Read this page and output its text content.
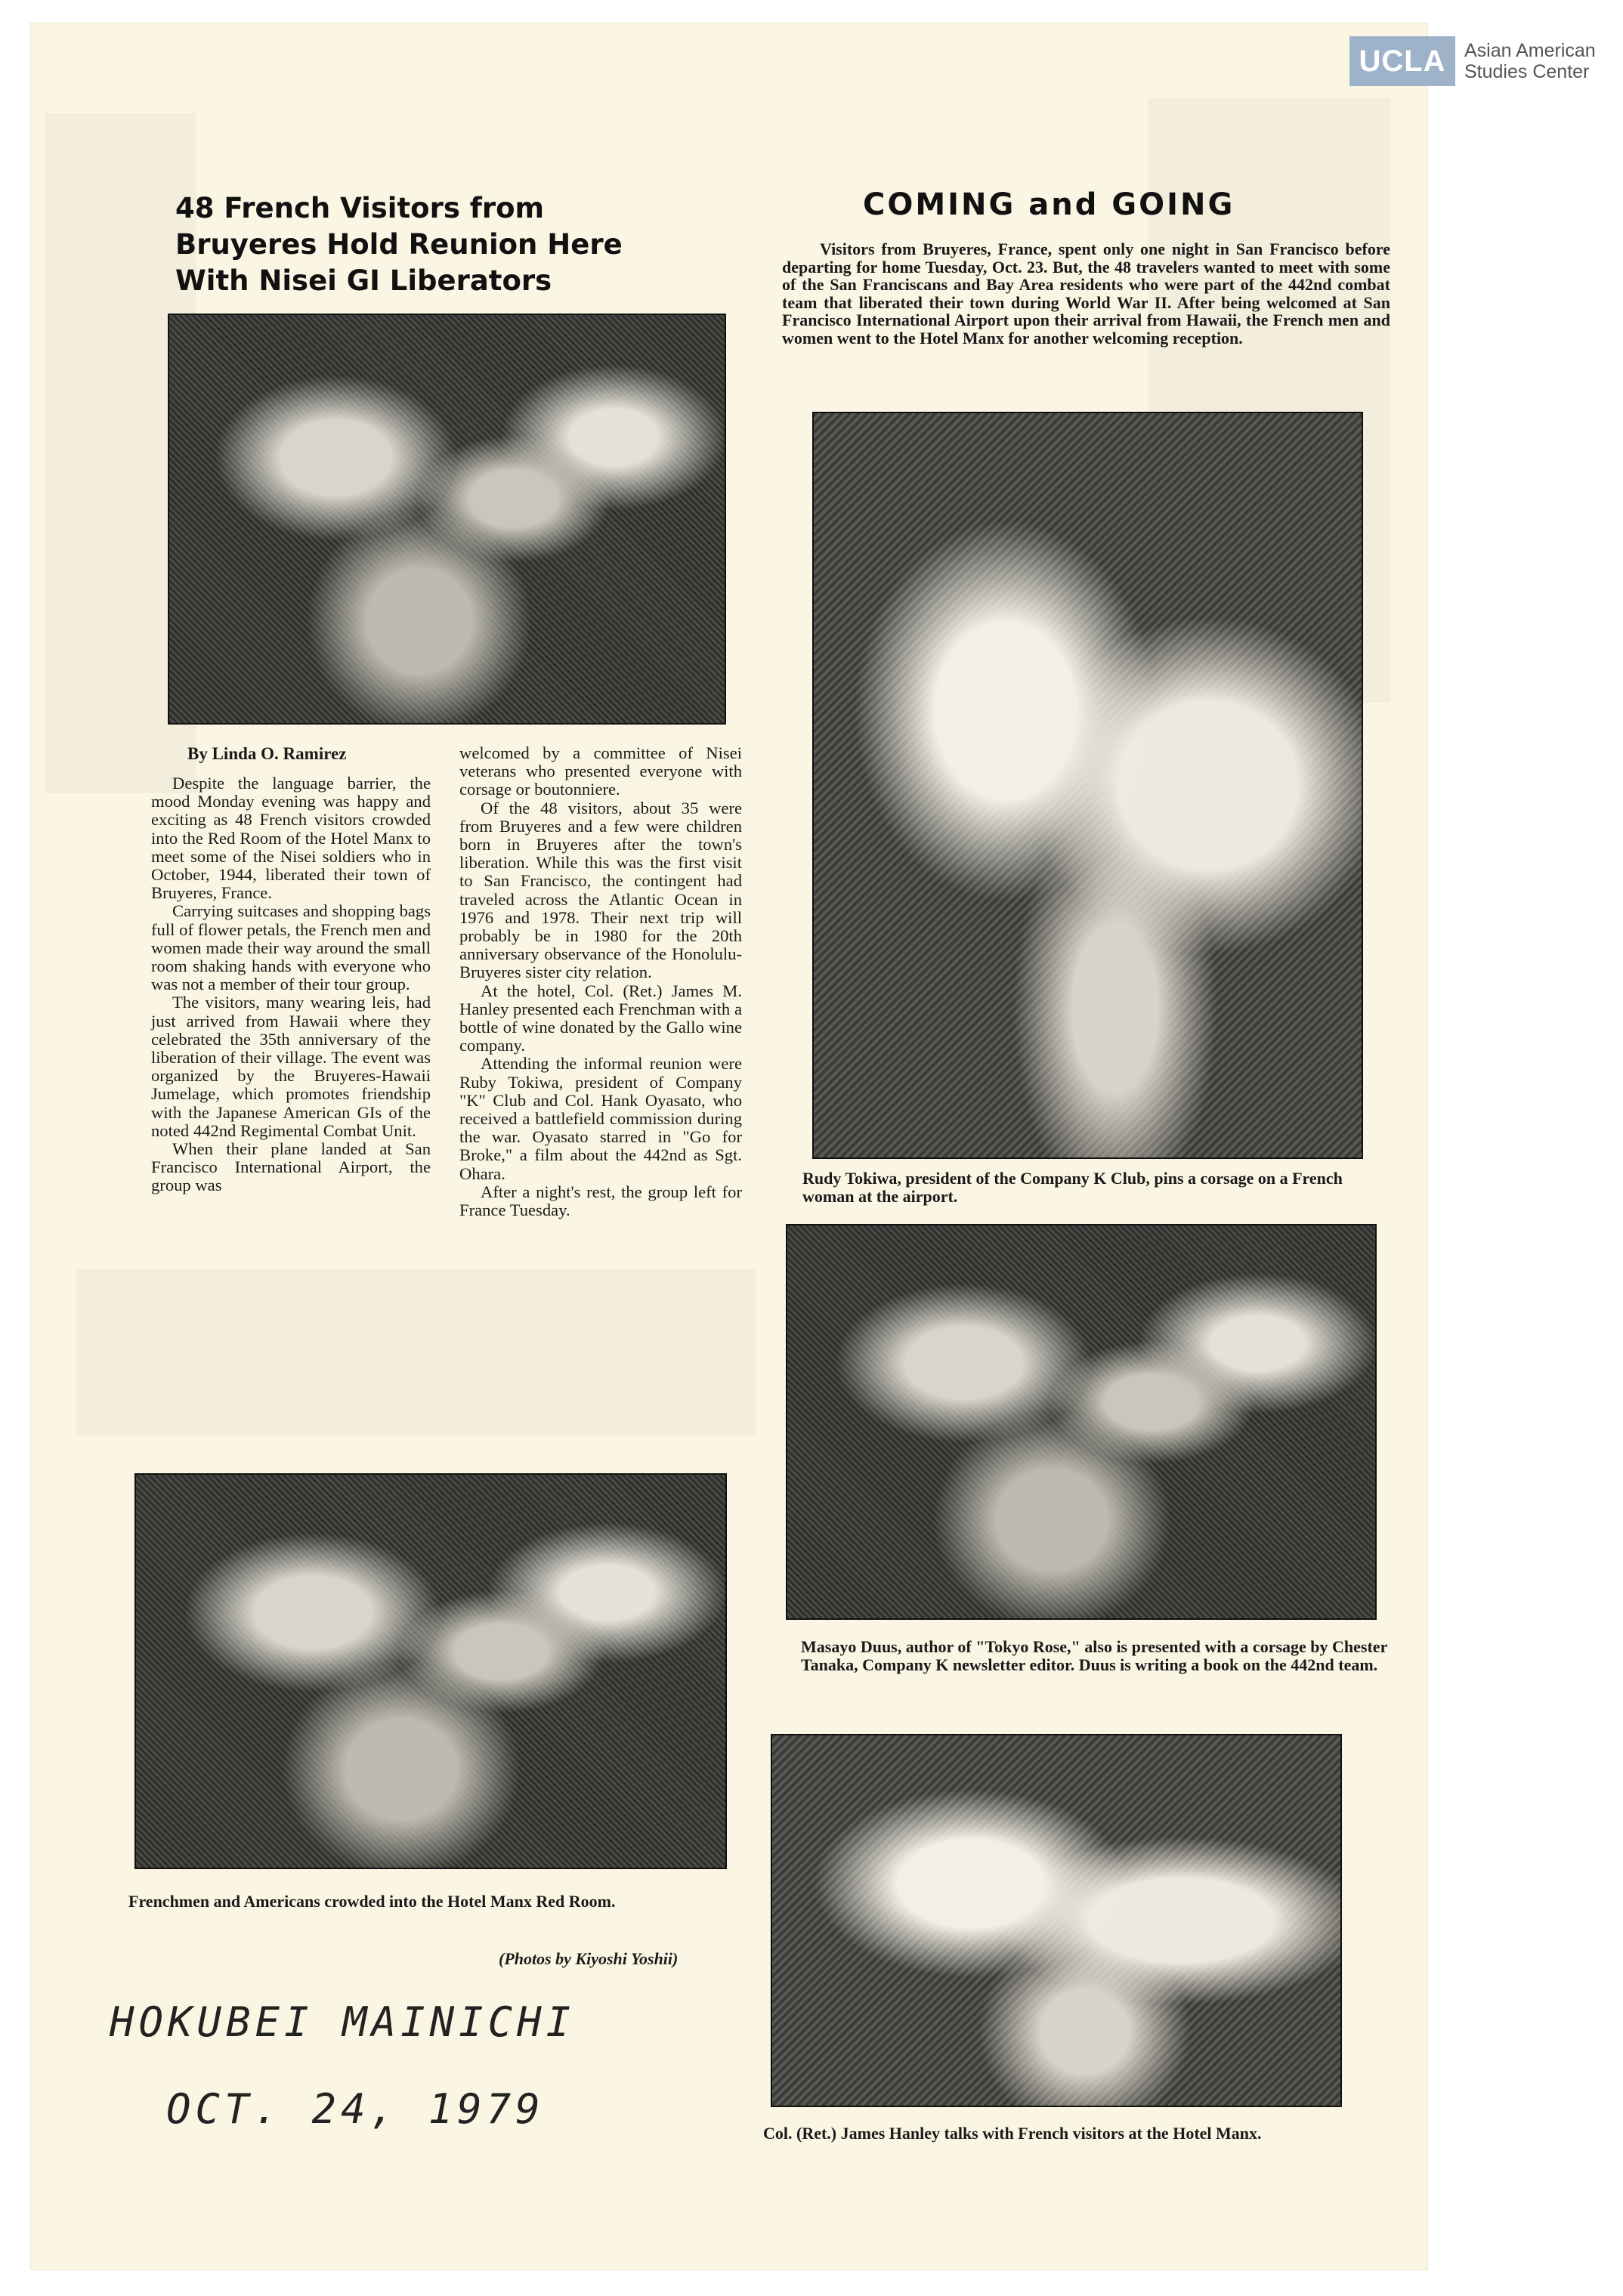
UCLA Asian American
Studies Center
48 French Visitors from
Bruyeres Hold Reunion Here
With Nisei GI Liberators
By Linda O. Ramirez

Despite the language barrier, the mood Monday evening was happy and exciting as 48 French visitors crowded into the Red Room of the Hotel Manx to meet some of the Nisei soldiers who in October, 1944, liberated their town of Bruyeres, France.

Carrying suitcases and shopping bags full of flower petals, the French men and women made their way around the small room shaking hands with everyone who was not a member of their tour group.

The visitors, many wearing leis, had just arrived from Hawaii where they celebrated the 35th anniversary of the liberation of their village. The event was organized by the Bruyeres-Hawaii Jumelage, which promotes friendship with the Japanese American GIs of the noted 442nd Regimental Combat Unit.

When their plane landed at San Francisco International Airport, the group was

welcomed by a committee of Nisei veterans who presented everyone with corsage or boutonniere.

Of the 48 visitors, about 35 were from Bruyeres and a few were children born in Bruyeres after the town's liberation. While this was the first visit to San Francisco, the contingent had traveled across the Atlantic Ocean in 1976 and 1978. Their next trip will probably be in 1980 for the 20th anniversary observance of the Honolulu-Bruyeres sister city relation.

At the hotel, Col. (Ret.) James M. Hanley presented each Frenchman with a bottle of wine donated by the Gallo wine company.

Attending the informal reunion were Ruby Tokiwa, president of Company "K" Club and Col. Hank Oyasato, who received a battlefield commission during the war. Oyasato starred in "Go for Broke," a film about the 442nd as Sgt. Ohara.

After a night's rest, the group left for France Tuesday.

COMING and GOING

Visitors from Bruyeres, France, spent only one night in San Francisco before departing for home Tuesday, Oct. 23. But, the 48 travelers wanted to meet with some of the San Franciscans and Bay Area residents who were part of the 442nd combat team that liberated their town during World War II. After being welcomed at San Francisco International Airport upon their arrival from Hawaii, the French men and women went to the Hotel Manx for another welcoming reception.

Rudy Tokiwa, president of the Company K Club, pins a corsage on a French woman at the airport.
Masayo Duus, author of "Tokyo Rose," also is presented with a corsage by Chester Tanaka, Company K newsletter editor. Duus is writing a book on the 442nd team.
Frenchmen and Americans crowded into the Hotel Manx Red Room.
(Photos by Kiyoshi Yoshii)
Col. (Ret.) James Hanley talks with French visitors at the Hotel Manx.
HOKUBEI MAINICHI
OCT. 24, 1979
